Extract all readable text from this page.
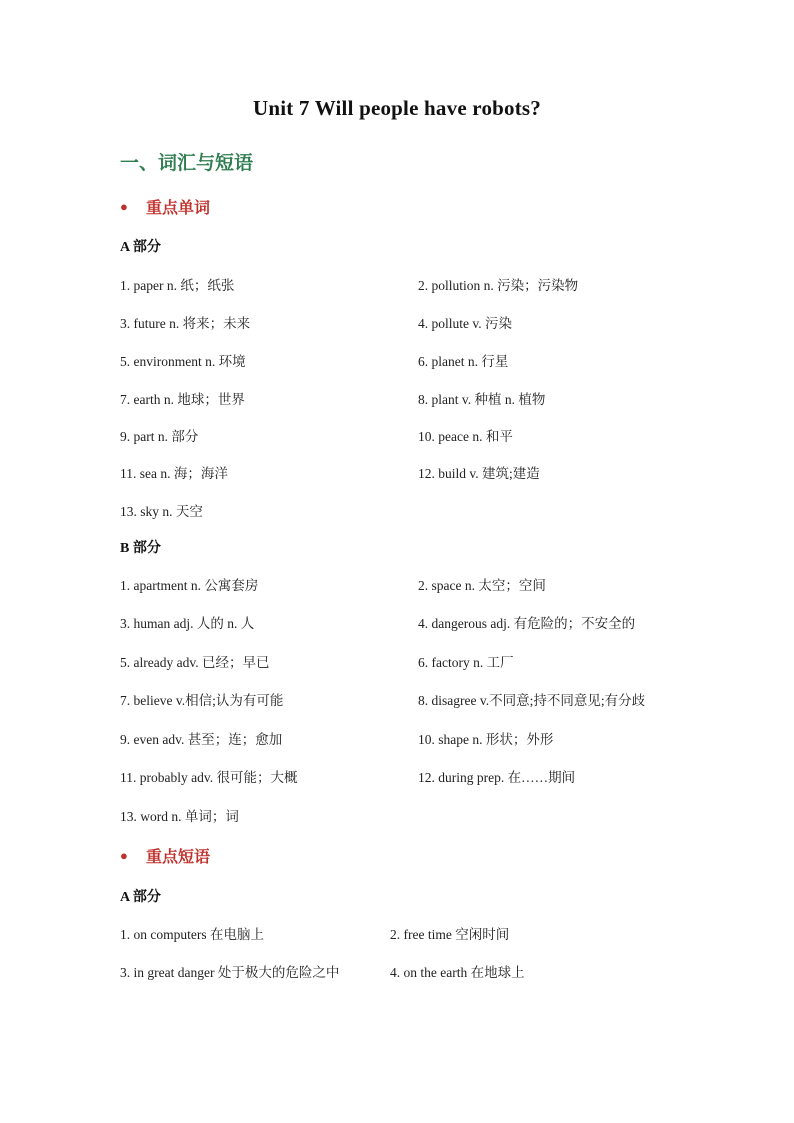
Unit 7 Will people have robots?
一、词汇与短语
●	重点单词
A 部分
1. paper n. 纸；纸张	2. pollution n. 污染；污染物
3. future n. 将来；未来	4. pollute v. 污染
5. environment n. 环境	6. planet n. 行星
7. earth n. 地球；世界	8. plant v. 种植 n. 植物
9. part n. 部分	10. peace n. 和平
11. sea n. 海；海洋	12. build v. 建筑;建造
13. sky n. 天空
B 部分
1. apartment n. 公寓套房	2. space n. 太空；空间
3. human adj. 人的 n. 人	4. dangerous adj. 有危险的；不安全的
5. already adv. 已经；早已	6. factory n. 工厂
7. believe v.相信;认为有可能	8. disagree v.不同意;持不同意见;有分歧
9. even adv. 甚至；连；愈加	10. shape n. 形状；外形
11. probably adv. 很可能；大概	12. during prep. 在……期间
13. word n. 单词；词
●	重点短语
A 部分
1. on computers 在电脑上	2. free time 空闲时间
3. in great danger 处于极大的危险之中	4. on the earth 在地球上
